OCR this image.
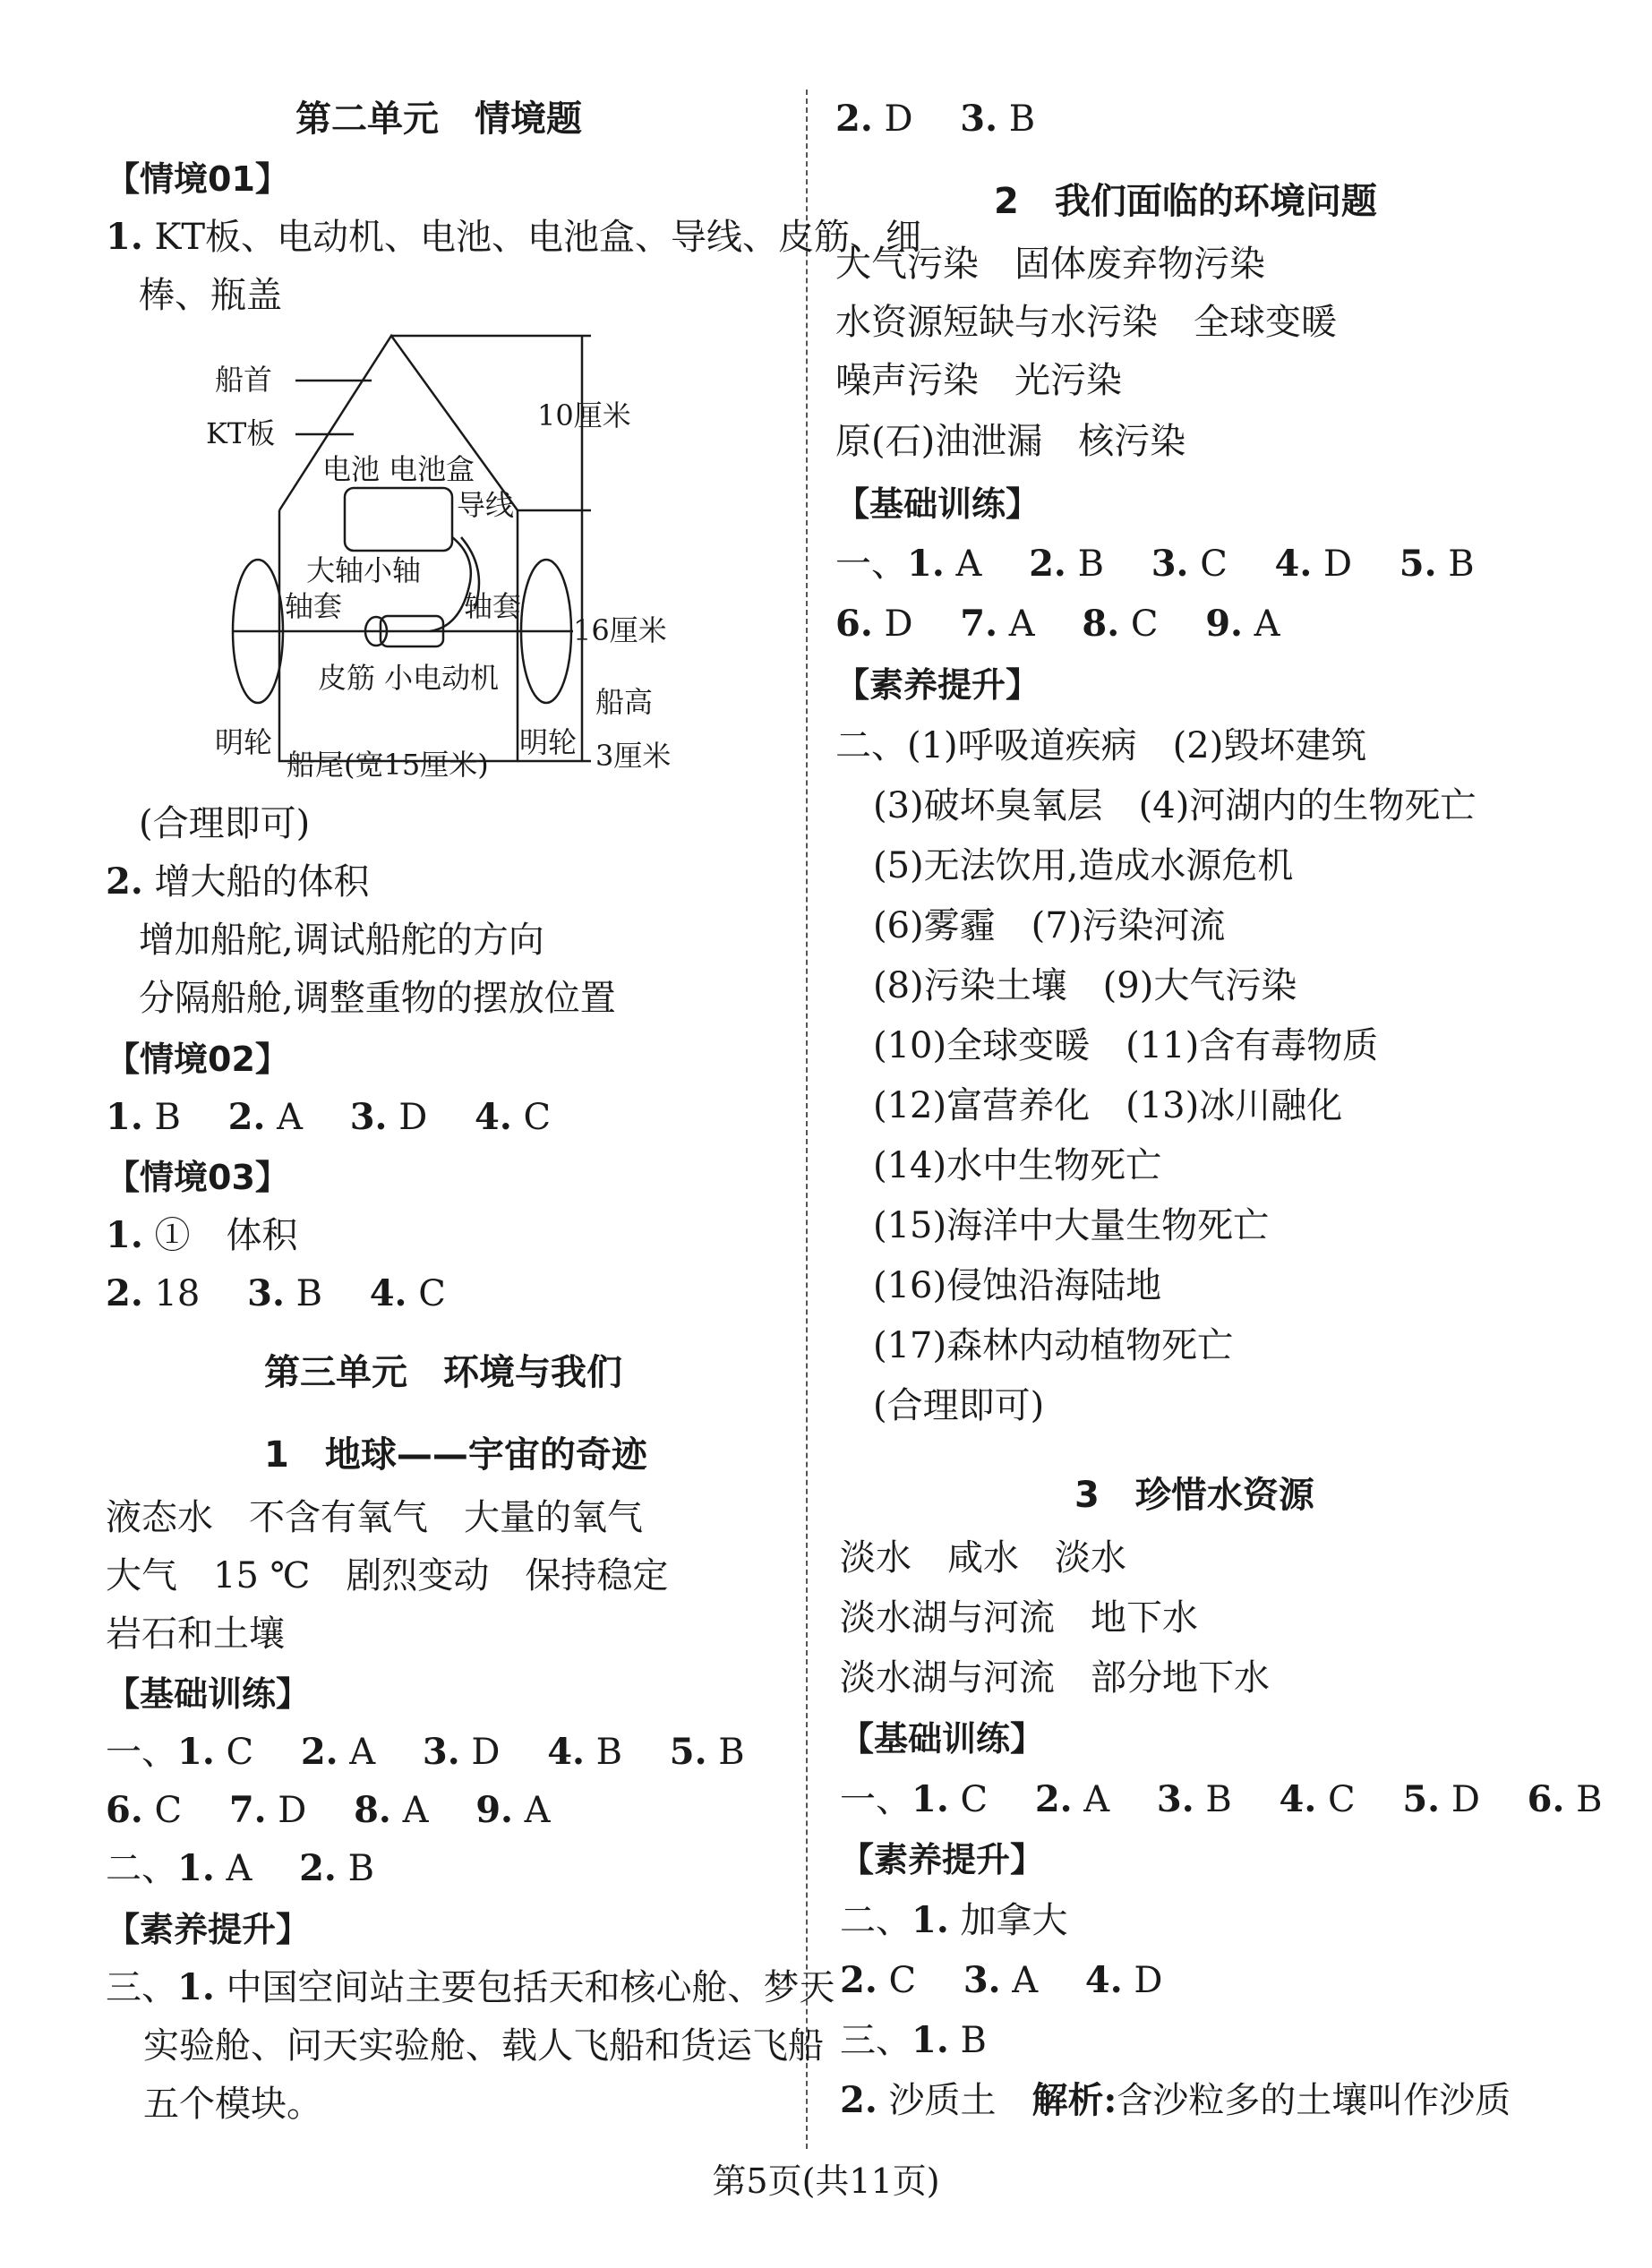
第二单元　情境题
【情境01】
1. KT板、电动机、电池、电池盒、导线、皮筋、细
棒、瓶盖
船首
KT板
电池 电池盒
导线
大轴小轴
轴套	轴套
皮筋 小电动机
明轮	明轮
船尾(宽15厘米)
10厘米
16厘米
船高
3厘米
(合理即可)
2. 增大船的体积
增加船舵,调试船舵的方向
分隔船舱,调整重物的摆放位置
【情境02】
1. B  2. A  3. D  4. C
【情境03】
1. ①　体积
2. 18  3. B  4. C
第三单元　环境与我们
1　地球——宇宙的奇迹
液态水　不含有氧气　大量的氧气
大气　15 ℃　剧烈变动　保持稳定
岩石和土壤
【基础训练】
一、1. C  2. A  3. D  4. B  5. B
6. C  7. D  8. A  9. A
二、1. A  2. B
【素养提升】
三、1. 中国空间站主要包括天和核心舱、梦天
实验舱、问天实验舱、载人飞船和货运飞船
五个模块。
2. D  3. B
2　我们面临的环境问题
大气污染　固体废弃物污染
水资源短缺与水污染　全球变暖
噪声污染　光污染
原(石)油泄漏　核污染
【基础训练】
一、1. A  2. B  3. C  4. D  5. B
6. D  7. A  8. C  9. A
【素养提升】
二、(1)呼吸道疾病　(2)毁坏建筑
(3)破坏臭氧层　(4)河湖内的生物死亡
(5)无法饮用,造成水源危机
(6)雾霾　(7)污染河流
(8)污染土壤　(9)大气污染
(10)全球变暖　(11)含有毒物质
(12)富营养化　(13)冰川融化
(14)水中生物死亡
(15)海洋中大量生物死亡
(16)侵蚀沿海陆地
(17)森林内动植物死亡
(合理即可)
3　珍惜水资源
淡水　咸水　淡水
淡水湖与河流　地下水
淡水湖与河流　部分地下水
【基础训练】
一、1. C  2. A  3. B  4. C  5. D  6. B
【素养提升】
二、1. 加拿大
2. C  3. A  4. D
三、1. B
2. 沙质土  解析:含沙粒多的土壤叫作沙质
第5页(共11页)
